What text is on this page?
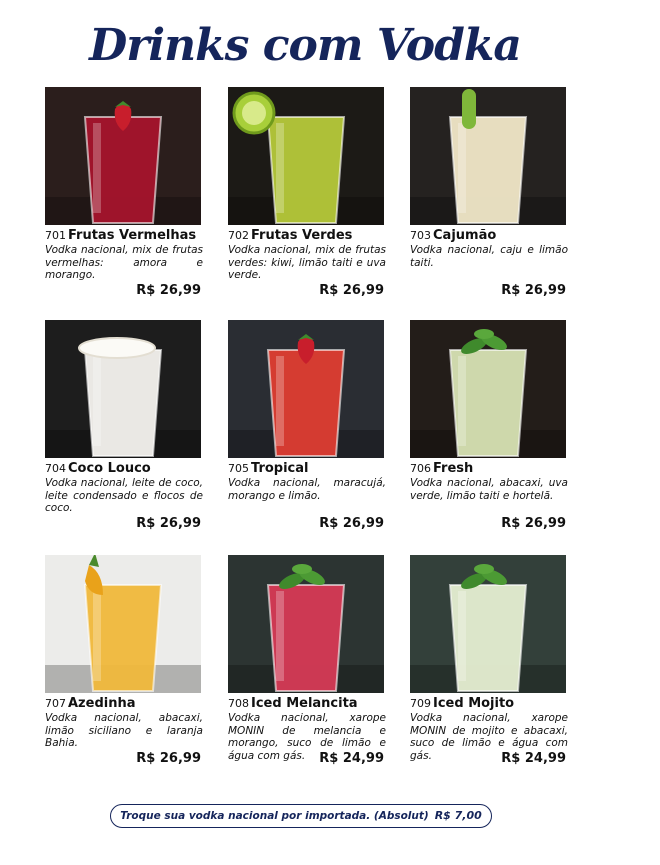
Drinks com Vodka
701 Frutas Vermelhas
Vodka nacional, mix de frutas vermelhas: amora e morango.
R$ 26,99
702 Frutas Verdes
Vodka nacional, mix de frutas verdes: kiwi, limão taiti e uva verde.
R$ 26,99
703 Cajumão
Vodka nacional, caju e limão taiti.
R$ 26,99
704 Coco Louco
Vodka nacional, leite de coco, leite condensado e flocos de coco.
R$ 26,99
705 Tropical
Vodka nacional, maracujá, morango e limão.
R$ 26,99
706 Fresh
Vodka nacional, abacaxi, uva verde, limão taiti e hortelã.
R$ 26,99
707 Azedinha
Vodka nacional, abacaxi, limão siciliano e laranja Bahia.
R$ 26,99
708 Iced Melancita
Vodka nacional, xarope MONIN de melancia e morango, suco de limão e água com gás.	R$ 24,99
709 Iced Mojito
Vodka nacional, xarope MONIN de mojito e abacaxi, suco de limão e água com gás.	R$ 24,99
Troque sua vodka nacional por importada. (Absolut) R$ 7,00
